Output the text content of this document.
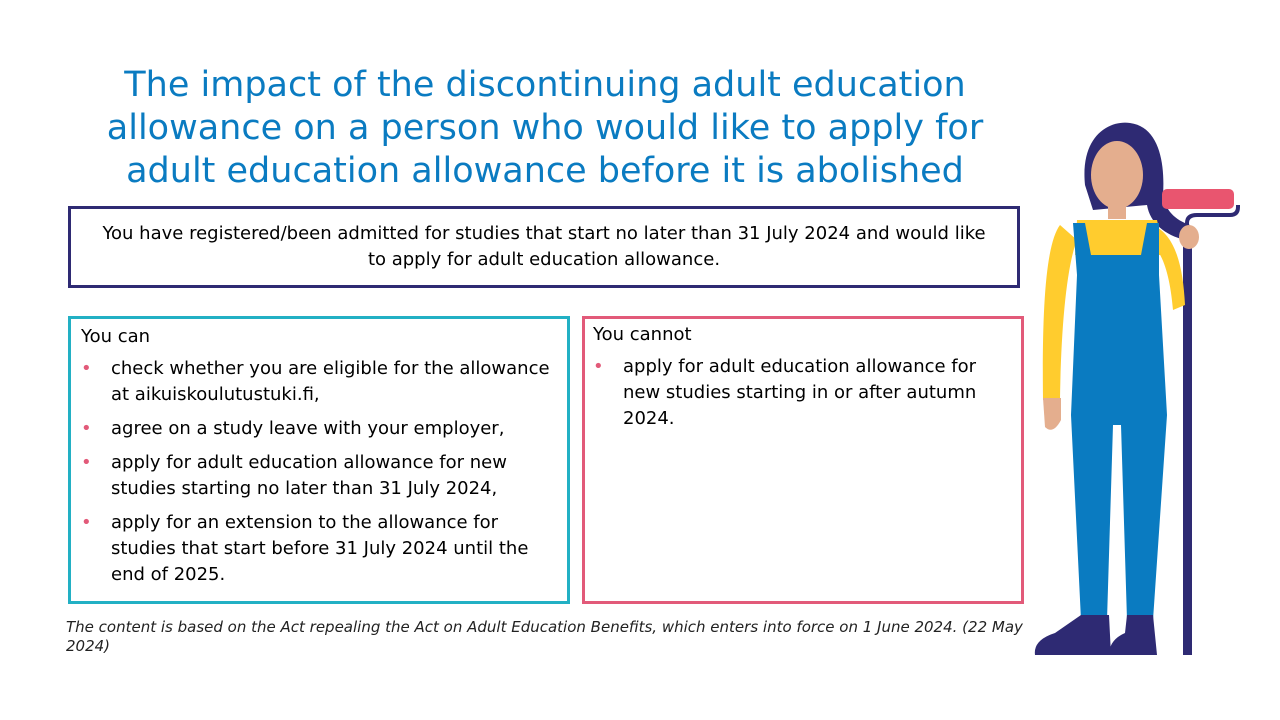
The impact of the discontinuing adult education allowance on a person who would like to apply for adult education allowance before it is abolished
You have registered/been admitted for studies that start no later than 31 July 2024 and would like to apply for adult education allowance.
You can
• check whether you are eligible for the allowance at aikuiskoulutustuki.fi,
• agree on a study leave with your employer,
• apply for adult education allowance for new studies starting no later than 31 July 2024,
• apply for an extension to the allowance for studies that start before 31 July 2024 until the end of 2025.
You cannot
• apply for adult education allowance for new studies starting in or after autumn 2024.
The content is based on the Act repealing the Act on Adult Education Benefits, which enters into force on 1 June 2024. (22 May 2024)
